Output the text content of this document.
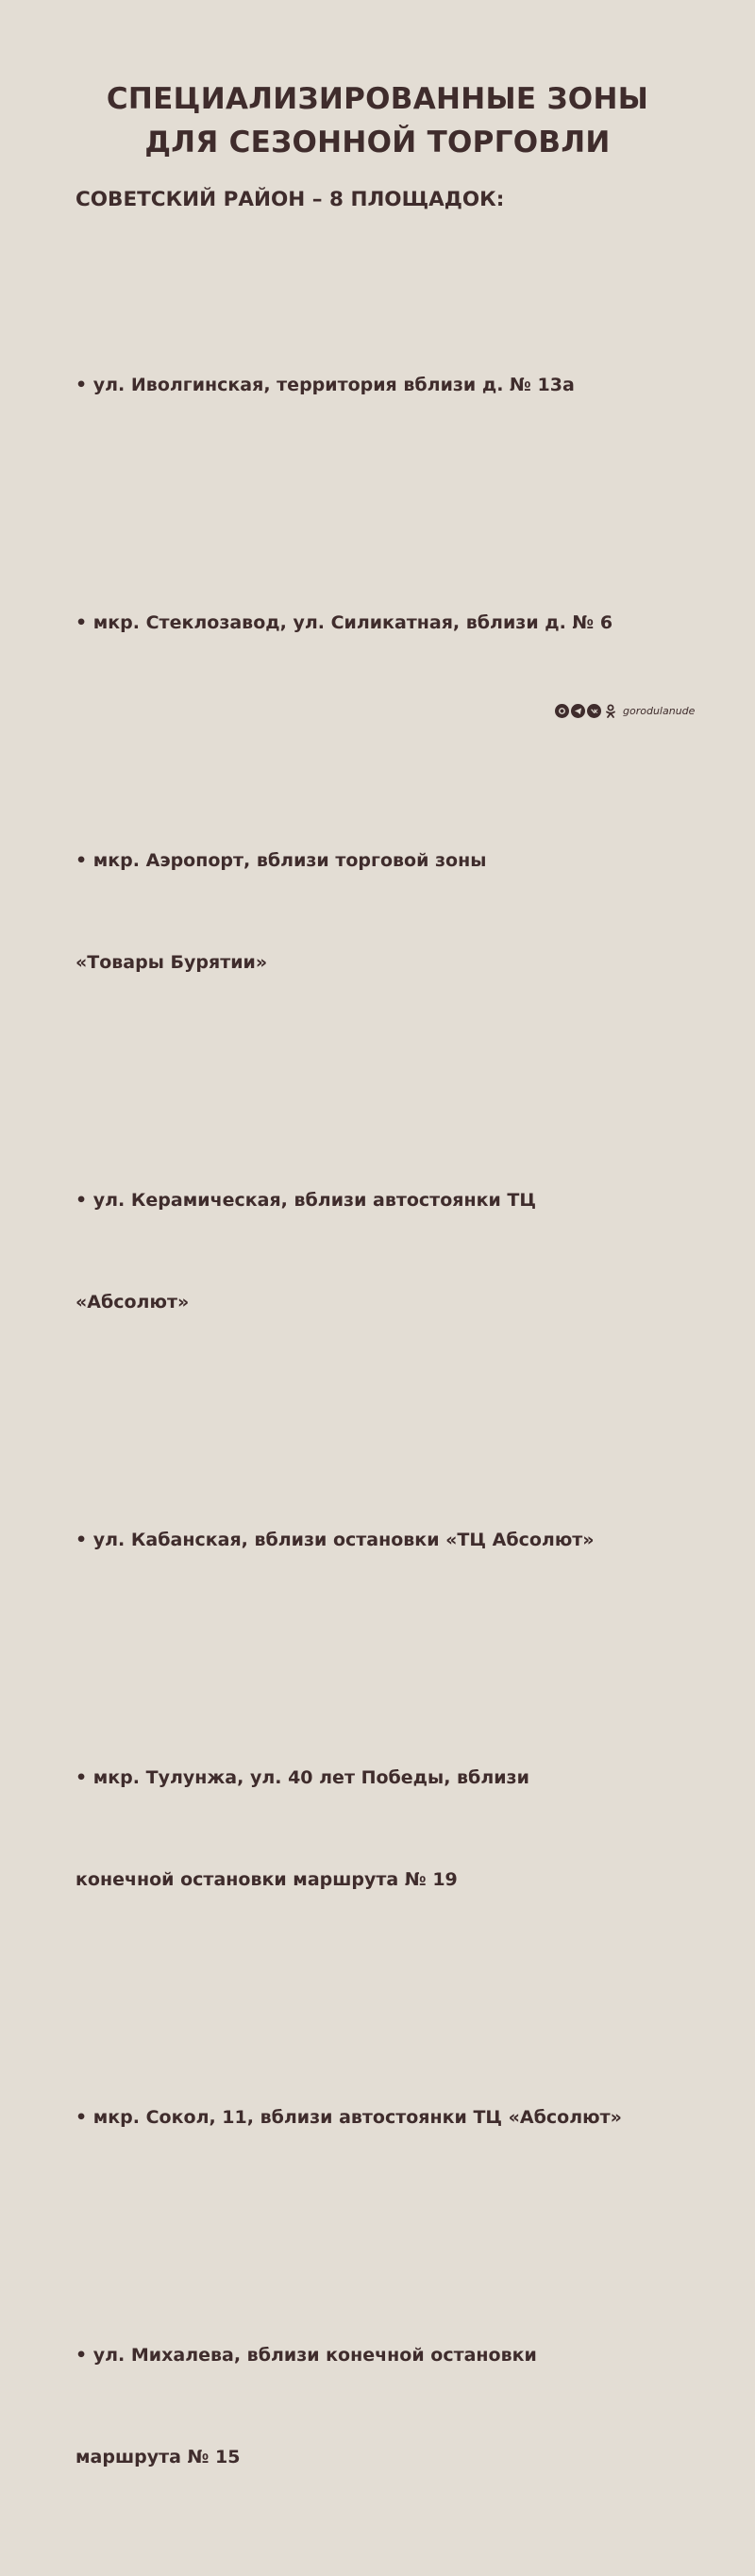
СПЕЦИАЛИЗИРОВАННЫЕ ЗОНЫ
ДЛЯ СЕЗОННОЙ ТОРГОВЛИ
СОВЕТСКИЙ РАЙОН – 8 ПЛОЩАДОК:

• ул. Иволгинская, территория вблизи д. № 13а

• мкр. Стеклозавод, ул. Силикатная, вблизи д. № 6

• мкр. Аэропорт, вблизи торговой зоны

«Товары Бурятии»

• ул. Керамическая, вблизи автостоянки ТЦ

«Абсолют»

• ул. Кабанская, вблизи остановки «ТЦ Абсолют»

• мкр. Тулунжа, ул. 40 лет Победы, вблизи

конечной остановки маршрута № 19

• мкр. Сокол, 11, вблизи автостоянки ТЦ «Абсолют»

• ул. Михалева, вблизи конечной остановки

маршрута № 15

gorodulanude
